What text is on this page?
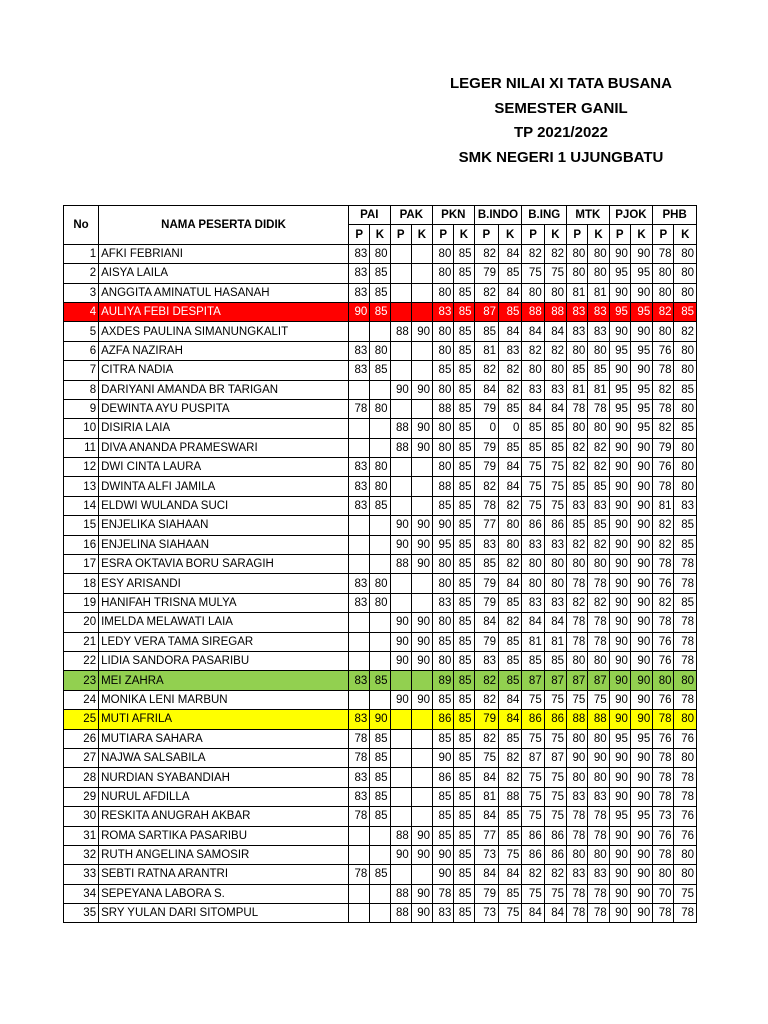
LEGER NILAI XI TATA BUSANA
SEMESTER GANIL
TP 2021/2022
SMK NEGERI 1 UJUNGBATU
No	NAMA PESERTA DIDIK	PAI		PAK		PKN		B.INDO		B.ING		MTK		PJOK		PHB	
		P	K	P	K	P	K	P	K	P	K	P	K	P	K	P	K
1	AFKI FEBRIANI	83	80			80	85	82	84	82	82	80	80	90	90	78	80
2	AISYA LAILA	83	85			80	85	79	85	75	75	80	80	95	95	80	80
3	ANGGITA AMINATUL HASANAH	83	85			80	85	82	84	80	80	81	81	90	90	80	80
4	AULIYA FEBI DESPITA	90	85			83	85	87	85	88	88	83	83	95	95	82	85
5	AXDES PAULINA SIMANUNGKALIT			88	90	80	85	85	84	84	84	83	83	90	90	80	82
6	AZFA NAZIRAH	83	80			80	85	81	83	82	82	80	80	95	95	76	80
7	CITRA NADIA	83	85			85	85	82	82	80	80	85	85	90	90	78	80
8	DARIYANI AMANDA BR TARIGAN			90	90	80	85	84	82	83	83	81	81	95	95	82	85
9	DEWINTA AYU PUSPITA	78	80			88	85	79	85	84	84	78	78	95	95	78	80
10	DISIRIA LAIA			88	90	80	85	0	0	85	85	80	80	90	95	82	85
11	DIVA ANANDA PRAMESWARI			88	90	80	85	79	85	85	85	82	82	90	90	79	80
12	DWI CINTA LAURA	83	80			80	85	79	84	75	75	82	82	90	90	76	80
13	DWINTA ALFI JAMILA	83	80			88	85	82	84	75	75	85	85	90	90	78	80
14	ELDWI WULANDA SUCI	83	85			85	85	78	82	75	75	83	83	90	90	81	83
15	ENJELIKA SIAHAAN			90	90	90	85	77	80	86	86	85	85	90	90	82	85
16	ENJELINA SIAHAAN			90	90	95	85	83	80	83	83	82	82	90	90	82	85
17	ESRA OKTAVIA BORU SARAGIH			88	90	80	85	85	82	80	80	80	80	90	90	78	78
18	ESY ARISANDI	83	80			80	85	79	84	80	80	78	78	90	90	76	78
19	HANIFAH TRISNA MULYA	83	80			83	85	79	85	83	83	82	82	90	90	82	85
20	IMELDA MELAWATI LAIA			90	90	80	85	84	82	84	84	78	78	90	90	78	78
21	LEDY VERA TAMA SIREGAR			90	90	85	85	79	85	81	81	78	78	90	90	76	78
22	LIDIA SANDORA PASARIBU			90	90	80	85	83	85	85	85	80	80	90	90	76	78
23	MEI ZAHRA	83	85			89	85	82	85	87	87	87	87	90	90	80	80
24	MONIKA LENI MARBUN			90	90	85	85	82	84	75	75	75	75	90	90	76	78
25	MUTI AFRILA	83	90			86	85	79	84	86	86	88	88	90	90	78	80
26	MUTIARA SAHARA	78	85			85	85	82	85	75	75	80	80	95	95	76	76
27	NAJWA SALSABILA	78	85			90	85	75	82	87	87	90	90	90	90	78	80
28	NURDIAN SYABANDIAH	83	85			86	85	84	82	75	75	80	80	90	90	78	78
29	NURUL AFDILLA	83	85			85	85	81	88	75	75	83	83	90	90	78	78
30	RESKITA ANUGRAH AKBAR	78	85			85	85	84	85	75	75	78	78	95	95	73	76
31	ROMA SARTIKA PASARIBU			88	90	85	85	77	85	86	86	78	78	90	90	76	76
32	RUTH ANGELINA SAMOSIR			90	90	90	85	73	75	86	86	80	80	90	90	78	80
33	SEBTI RATNA ARANTRI	78	85			90	85	84	84	82	82	83	83	90	90	80	80
34	SEPEYANA LABORA S.			88	90	78	85	79	85	75	75	78	78	90	90	70	75
35	SRY YULAN DARI SITOMPUL			88	90	83	85	73	75	84	84	78	78	90	90	78	78
